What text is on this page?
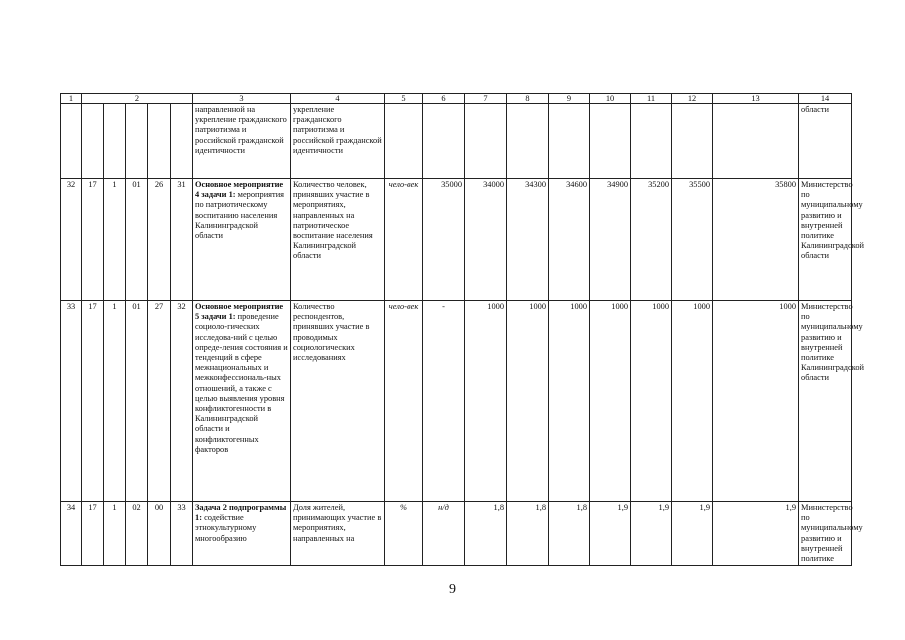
1	2					3	4	5	6	7	8	9	10	11	12	13	14
						направленной на укрепление гражданского патриотизма и российской гражданской идентичности	укрепление гражданского патриотизма и российской гражданской идентичности										области
32	17	1	01	26	31	Основное мероприятие 4 задачи 1: мероприятия по патриотическому воспитанию населения Калининградской области	Количество человек, принявших участие в мероприятиях, направленных на патриотическое воспитание населения Калининградской области	чело-век	35000	34000	34300	34600	34900	35200	35500	35800	Министерство по муниципальному развитию и внутренней политике Калининградской области
33	17	1	01	27	32	Основное мероприятие 5 задачи 1: проведение социоло-гических исследова-ний с целью опреде-ления состояния и тенденций в сфере межнациональных и межконфессиональ-ных отношений, а также с целью выявления уровня конфликтогенности в Калининградской области и конфликтогенных факторов	Количество респондентов, принявших участие в проводимых социологических исследованиях	чело-век	-	1000	1000	1000	1000	1000	1000	1000	Министерство по муниципальному развитию и внутренней политике Калининградской области
34	17	1	02	00	33	Задача 2 подпрограммы 1: содействие этнокультурному многообразию	Доля жителей, принимающих участие в мероприятиях, направленных на	%	н/д	1,8	1,8	1,8	1,9	1,9	1,9	1,9	Министерство по муниципальному развитию и внутренней политике
9
